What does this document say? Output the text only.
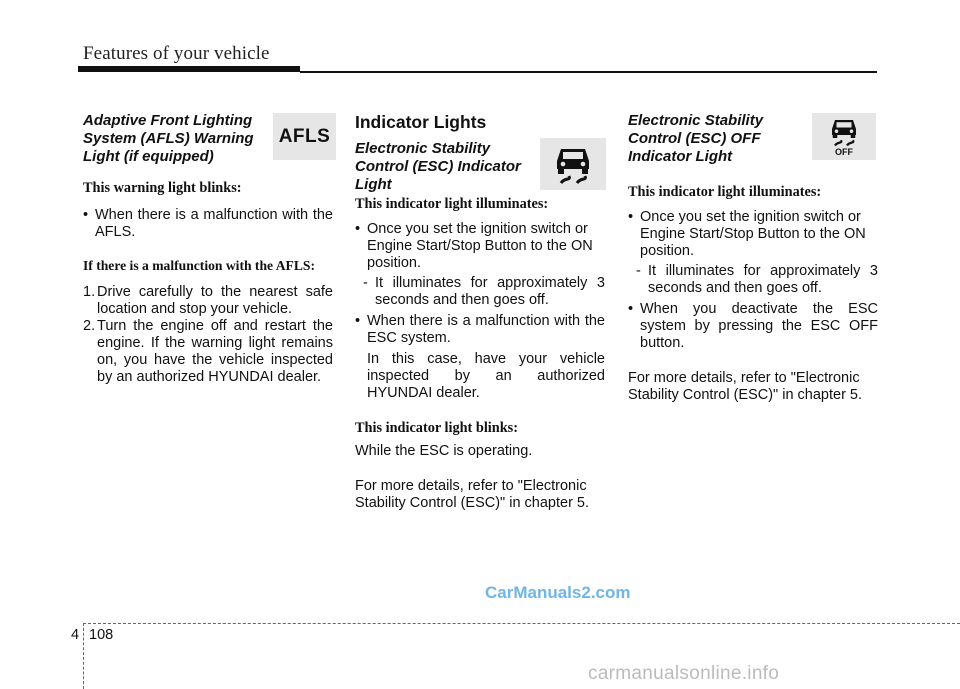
Features of your vehicle
Adaptive Front Lighting
System (AFLS) Warning
Light (if equipped)
This warning light blinks:
• When there is a malfunction with the AFLS.
If there is a malfunction with the AFLS:
1. Drive carefully to the nearest safe location and stop your vehicle.
2. Turn the engine off and restart the engine. If the warning light remains on, you have the vehicle inspected by an authorized HYUNDAI dealer.
AFLS
Indicator Lights
Electronic Stability
Control (ESC) Indicator
Light
This indicator light illuminates:
• Once you set the ignition switch or Engine Start/Stop Button to the ON position.
- It illuminates for approximately 3 seconds and then goes off.
• When there is a malfunction with the ESC system.
In this case, have your vehicle inspected by an authorized HYUNDAI dealer.
This indicator light blinks:
While the ESC is operating.
For more details, refer to "Electronic Stability Control (ESC)" in chapter 5.
Electronic Stability
Control (ESC) OFF
Indicator Light
This indicator light illuminates:
• Once you set the ignition switch or Engine Start/Stop Button to the ON position.
- It illuminates for approximately 3 seconds and then goes off.
• When you deactivate the ESC system by pressing the ESC OFF button.
For more details, refer to "Electronic Stability Control (ESC)" in chapter 5.
OFF
CarManuals2.com
4 108
carmanualsonline.info
